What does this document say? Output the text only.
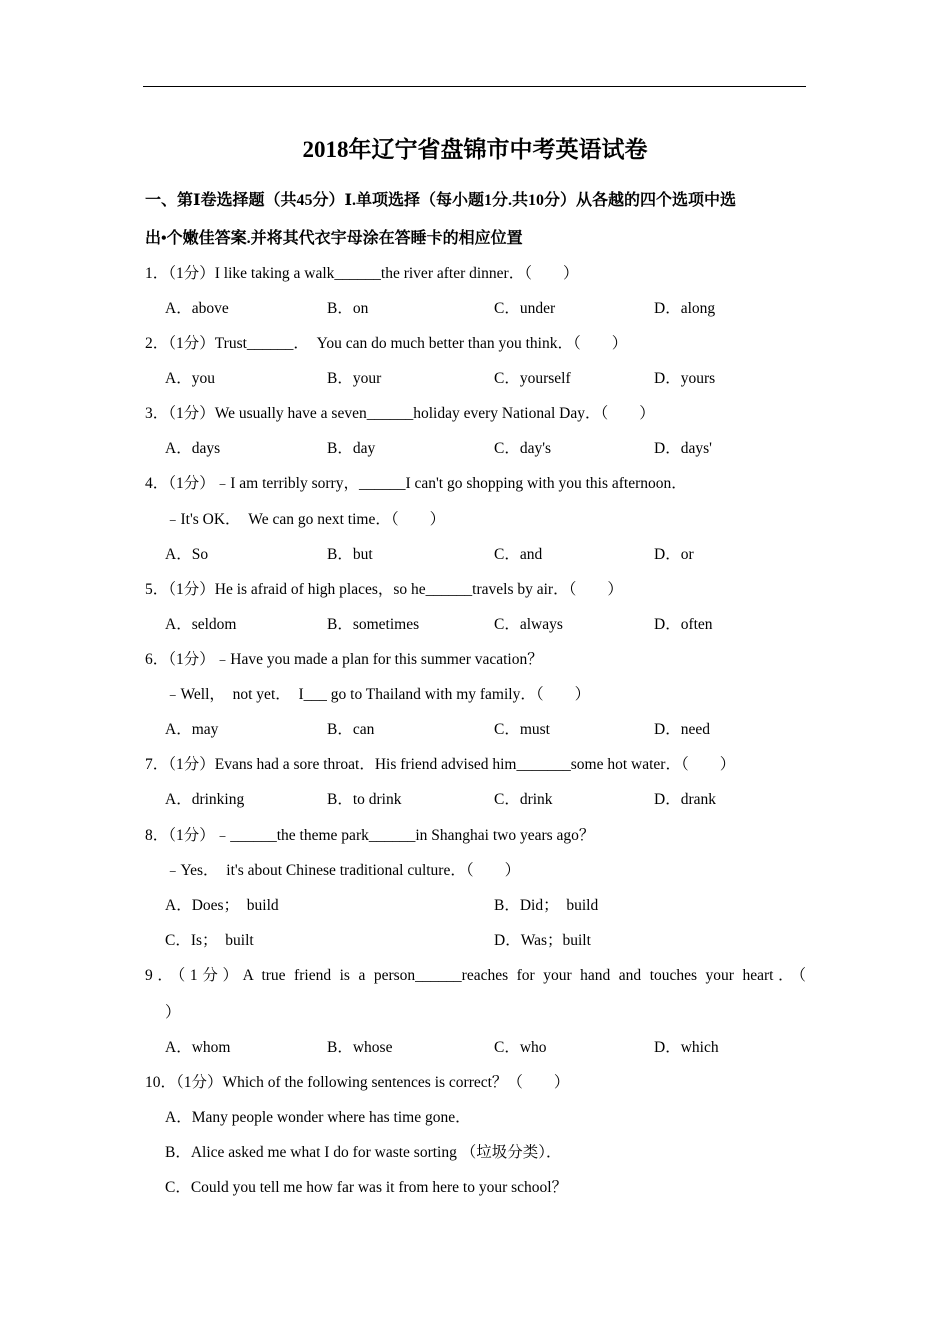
2018年辽宁省盘锦市中考英语试卷
一、第Ⅰ卷选择题（共45分）Ⅰ.单项选择（每小题1分.共10分）从各越的四个选项中选
出•个嫩佳答案.并将其代衣宇母涂在答睡卡的相应位置
1．（1分）I like taking a walk______the river after dinner．（　　）
A．above	B．on	C．under	D．along
2．（1分）Trust______．　You can do much better than you think．（　　）
A．you	B．your	C．yourself	D．yours
3．（1分）We usually have a seven______holiday every National Day．（　　）
A．days	B．day	C．day's	D．days'
4．（1分）﹣I am terribly sorry，______I can't go shopping with you this afternoon．
﹣It's OK．　We can go next time．（　　）
A．So	B．but	C．and	D．or
5．（1分）He is afraid of high places，so he______travels by air．（　　）
A．seldom	B．sometimes	C．always	D．often
6．（1分）﹣Have you made a plan for this summer vacation？
﹣Well，　not yet．　I___ go to Thailand with my family．（　　）
A．may	B．can	C．must	D．need
7．（1分）Evans had a sore throat．His friend advised him_______some hot water．（　　）
A．drinking	B．to drink	C．drink	D．drank
8．（1分）﹣______the theme park______in Shanghai two years ago？
﹣Yes．　it's about Chinese traditional culture．（　　）
A．Does；　build	B．Did；　build
C．Is；　built	D．Was；built
9．（1分）A true friend is a person______reaches for your hand and touches your heart．（
）
A．whom	B．whose	C．who	D．which
10．（1分）Which of the following sentences is correct？（　　）
A．Many people wonder where has time gone．
B．Alice asked me what I do for waste sorting （垃圾分类）．
C．Could you tell me how far was it from here to your school？
